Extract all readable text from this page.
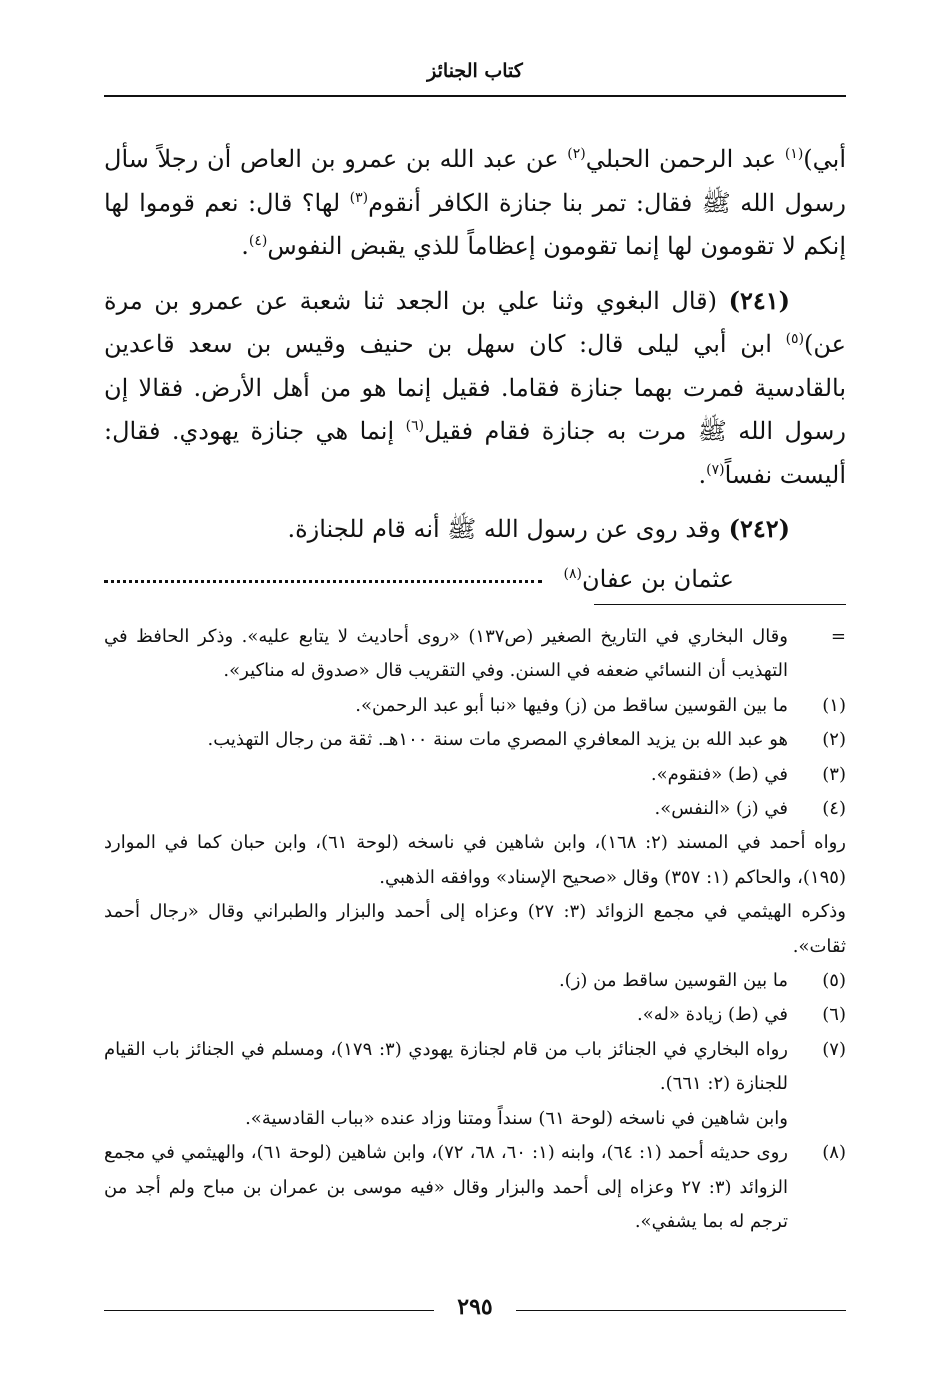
كتاب الجنائز

أبي)$^{(١)}$ عبد الرحمن الحبلي$^{(٢)}$ عن عبد الله بن عمرو بن العاص أن رجلاً سأل رسول الله ﷺ فقال: تمر بنا جنازة الكافر أنقوم$^{(٣)}$ لها؟ قال: نعم قوموا لها إنكم لا تقومون لها إنما تقومون إعظاماً للذي يقبض النفوس$^{(٤)}$.

(٢٤١) (قال البغوي وثنا علي بن الجعد ثنا شعبة عن عمرو بن مرة عن)$^{(٥)}$ ابن أبي ليلى قال: كان سهل بن حنيف وقيس بن سعد قاعدين بالقادسية فمرت بهما جنازة فقاما. فقيل إنما هو من أهل الأرض. فقالا إن رسول الله ﷺ مرت به جنازة فقام فقيل$^{(٦)}$ إنما هي جنازة يهودي. فقال: أليست نفساً$^{(٧)}$.

(٢٤٢) وقد روى عن رسول الله ﷺ أنه قام للجنازة.

عثمان بن عفان$^{(٨)}$
=
وقال البخاري في التاريخ الصغير (ص١٣٧) «روى أحاديث لا يتابع عليه». وذكر الحافظ في التهذيب أن النسائي ضعفه في السنن. وفي التقريب قال «صدوق له مناكير».
(١)
ما بين القوسين ساقط من (ز) وفيها «نبا أبو عبد الرحمن».
(٢)
هو عبد الله بن يزيد المعافري المصري مات سنة ١٠٠هـ. ثقة من رجال التهذيب.
(٣)
في (ط) «فنقوم».
(٤)
في (ز) «النفس».
رواه أحمد في المسند (٢: ١٦٨)، وابن شاهين في ناسخه (لوحة ٦١)، وابن حبان كما في الموارد (١٩٥)، والحاكم (١: ٣٥٧) وقال «صحيح الإسناد» ووافقه الذهبي.
وذكره الهيثمي في مجمع الزوائد (٣: ٢٧) وعزاه إلى أحمد والبزار والطبراني وقال «رجال أحمد ثقات».
(٥)
ما بين القوسين ساقط من (ز).
(٦)
في (ط) زيادة «له».
(٧)
رواه البخاري في الجنائز باب من قام لجنازة يهودي (٣: ١٧٩)، ومسلم في الجنائز باب القيام للجنازة (٢: ٦٦١).
وابن شاهين في ناسخه (لوحة ٦١) سنداً ومتنا وزاد عنده «بباب القادسية».
(٨)
روى حديثه أحمد (١: ٦٤)، وابنه (١: ٦٠، ٦٨، ٧٢)، وابن شاهين (لوحة ٦١)، والهيثمي في مجمع الزوائد (٣: ٢٧ وعزاه إلى أحمد والبزار وقال «فيه موسى بن عمران بن مباح ولم أجد من ترجم له بما يشفي».
٢٩٥
